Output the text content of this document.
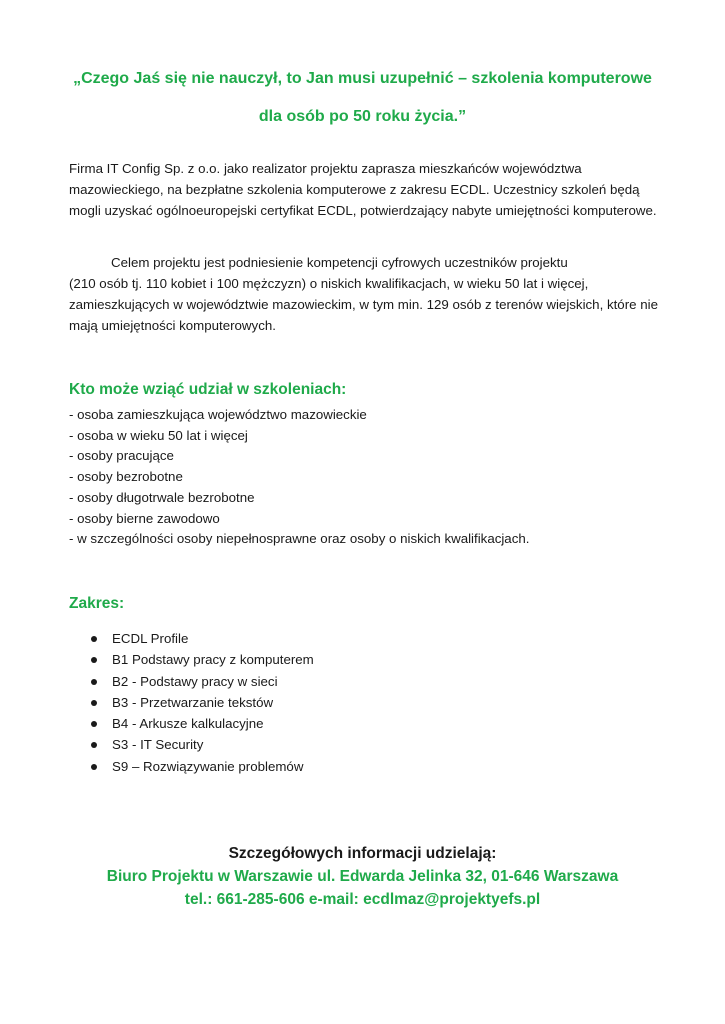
„Czego Jaś się nie nauczył, to Jan musi uzupełnić – szkolenia komputerowe
dla osób po 50 roku życia.”

Firma IT Config Sp. z o.o. jako realizator projektu zaprasza mieszkańców województwa mazowieckiego, na bezpłatne szkolenia komputerowe z zakresu ECDL. Uczestnicy szkoleń będą mogli uzyskać ogólnoeuropejski certyfikat ECDL, potwierdzający nabyte umiejętności komputerowe.

Celem projektu jest podniesienie kompetencji cyfrowych uczestników projektu
(210 osób tj. 110 kobiet i 100 mężczyzn) o niskich kwalifikacjach, w wieku 50 lat i więcej, zamieszkujących w województwie mazowieckim, w tym min. 129 osób z terenów wiejskich, które nie mają umiejętności komputerowych.

Kto może wziąć udział w szkoleniach:
- osoba zamieszkująca województwo mazowieckie
- osoba w wieku 50 lat i więcej
- osoby pracujące
- osoby bezrobotne
- osoby długotrwale bezrobotne
- osoby bierne zawodowo
- w szczególności osoby niepełnosprawne oraz osoby o niskich kwalifikacjach.
Zakres:
ECDL Profile
B1 Podstawy pracy z komputerem
B2 - Podstawy pracy w sieci
B3 - Przetwarzanie tekstów
B4 - Arkusze kalkulacyjne
S3 - IT Security
S9 – Rozwiązywanie problemów
Szczegółowych informacji udzielają:
Biuro Projektu w Warszawie ul. Edwarda Jelinka 32, 01-646 Warszawa
tel.: 661-285-606 e-mail: ecdlmaz@projektyefs.pl
